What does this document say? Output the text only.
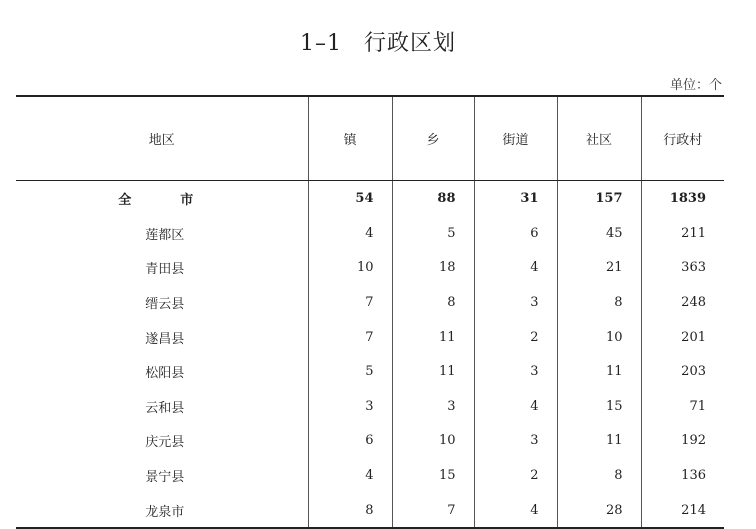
1–1 行政区划
单位：个
地区	镇	乡	街道	社区	行政村
全　市	54	88	31	157	1839
莲都区	4	5	6	45	211
青田县	10	18	4	21	363
缙云县	7	8	3	8	248
遂昌县	7	11	2	10	201
松阳县	5	11	3	11	203
云和县	3	3	4	15	71
庆元县	6	10	3	11	192
景宁县	4	15	2	8	136
龙泉市	8	7	4	28	214
